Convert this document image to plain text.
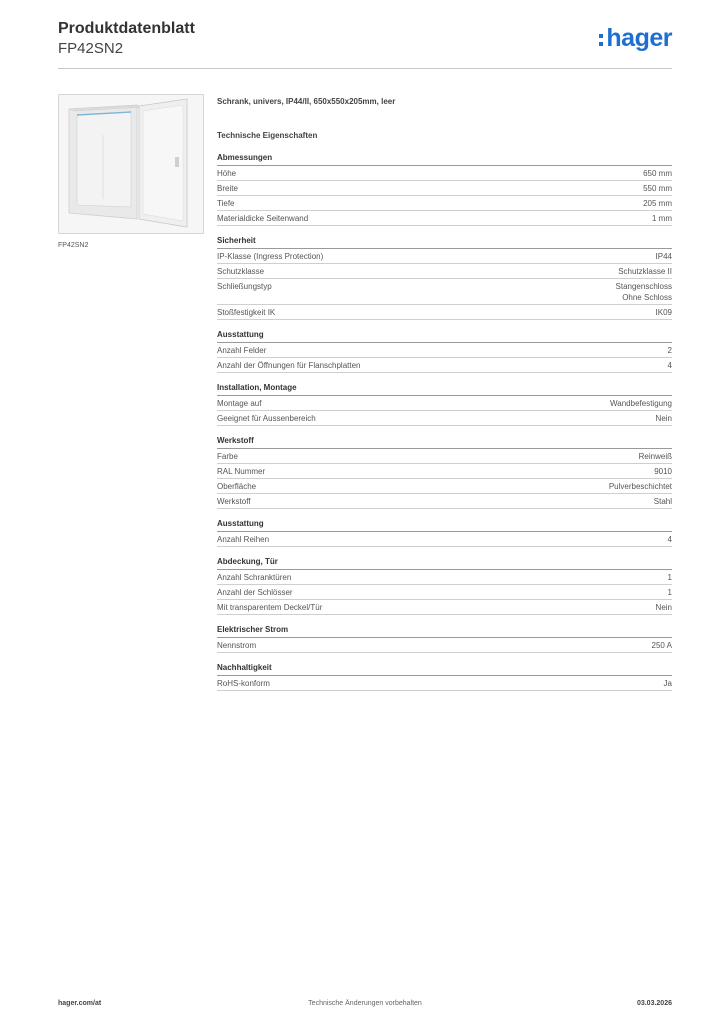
Produktdatenblatt
FP42SN2	hager
FP42SN2
Schrank, univers, IP44/II, 650x550x205mm, leer
Technische Eigenschaften
Abmessungen
Höhe	650 mm
Breite	550 mm
Tiefe	205 mm
Materialdicke Seitenwand	1 mm
Sicherheit
IP-Klasse (Ingress Protection)	IP44
Schutzklasse	Schutzklasse II
Schließungstyp	Stangenschloss
Ohne Schloss
Stoßfestigkeit IK	IK09
Ausstattung
Anzahl Felder	2
Anzahl der Öffnungen für Flanschplatten	4
Installation, Montage
Montage auf	Wandbefestigung
Geeignet für Aussenbereich	Nein
Werkstoff
Farbe	Reinweiß
RAL Nummer	9010
Oberfläche	Pulverbeschichtet
Werkstoff	Stahl
Ausstattung
Anzahl Reihen	4
Abdeckung, Tür
Anzahl Schranktüren	1
Anzahl der Schlösser	1
Mit transparentem Deckel/Tür	Nein
Elektrischer Strom
Nennstrom	250 A
Nachhaltigkeit
RoHS-konform	Ja
hager.com/at	Technische Änderungen vorbehalten	03.03.2026
